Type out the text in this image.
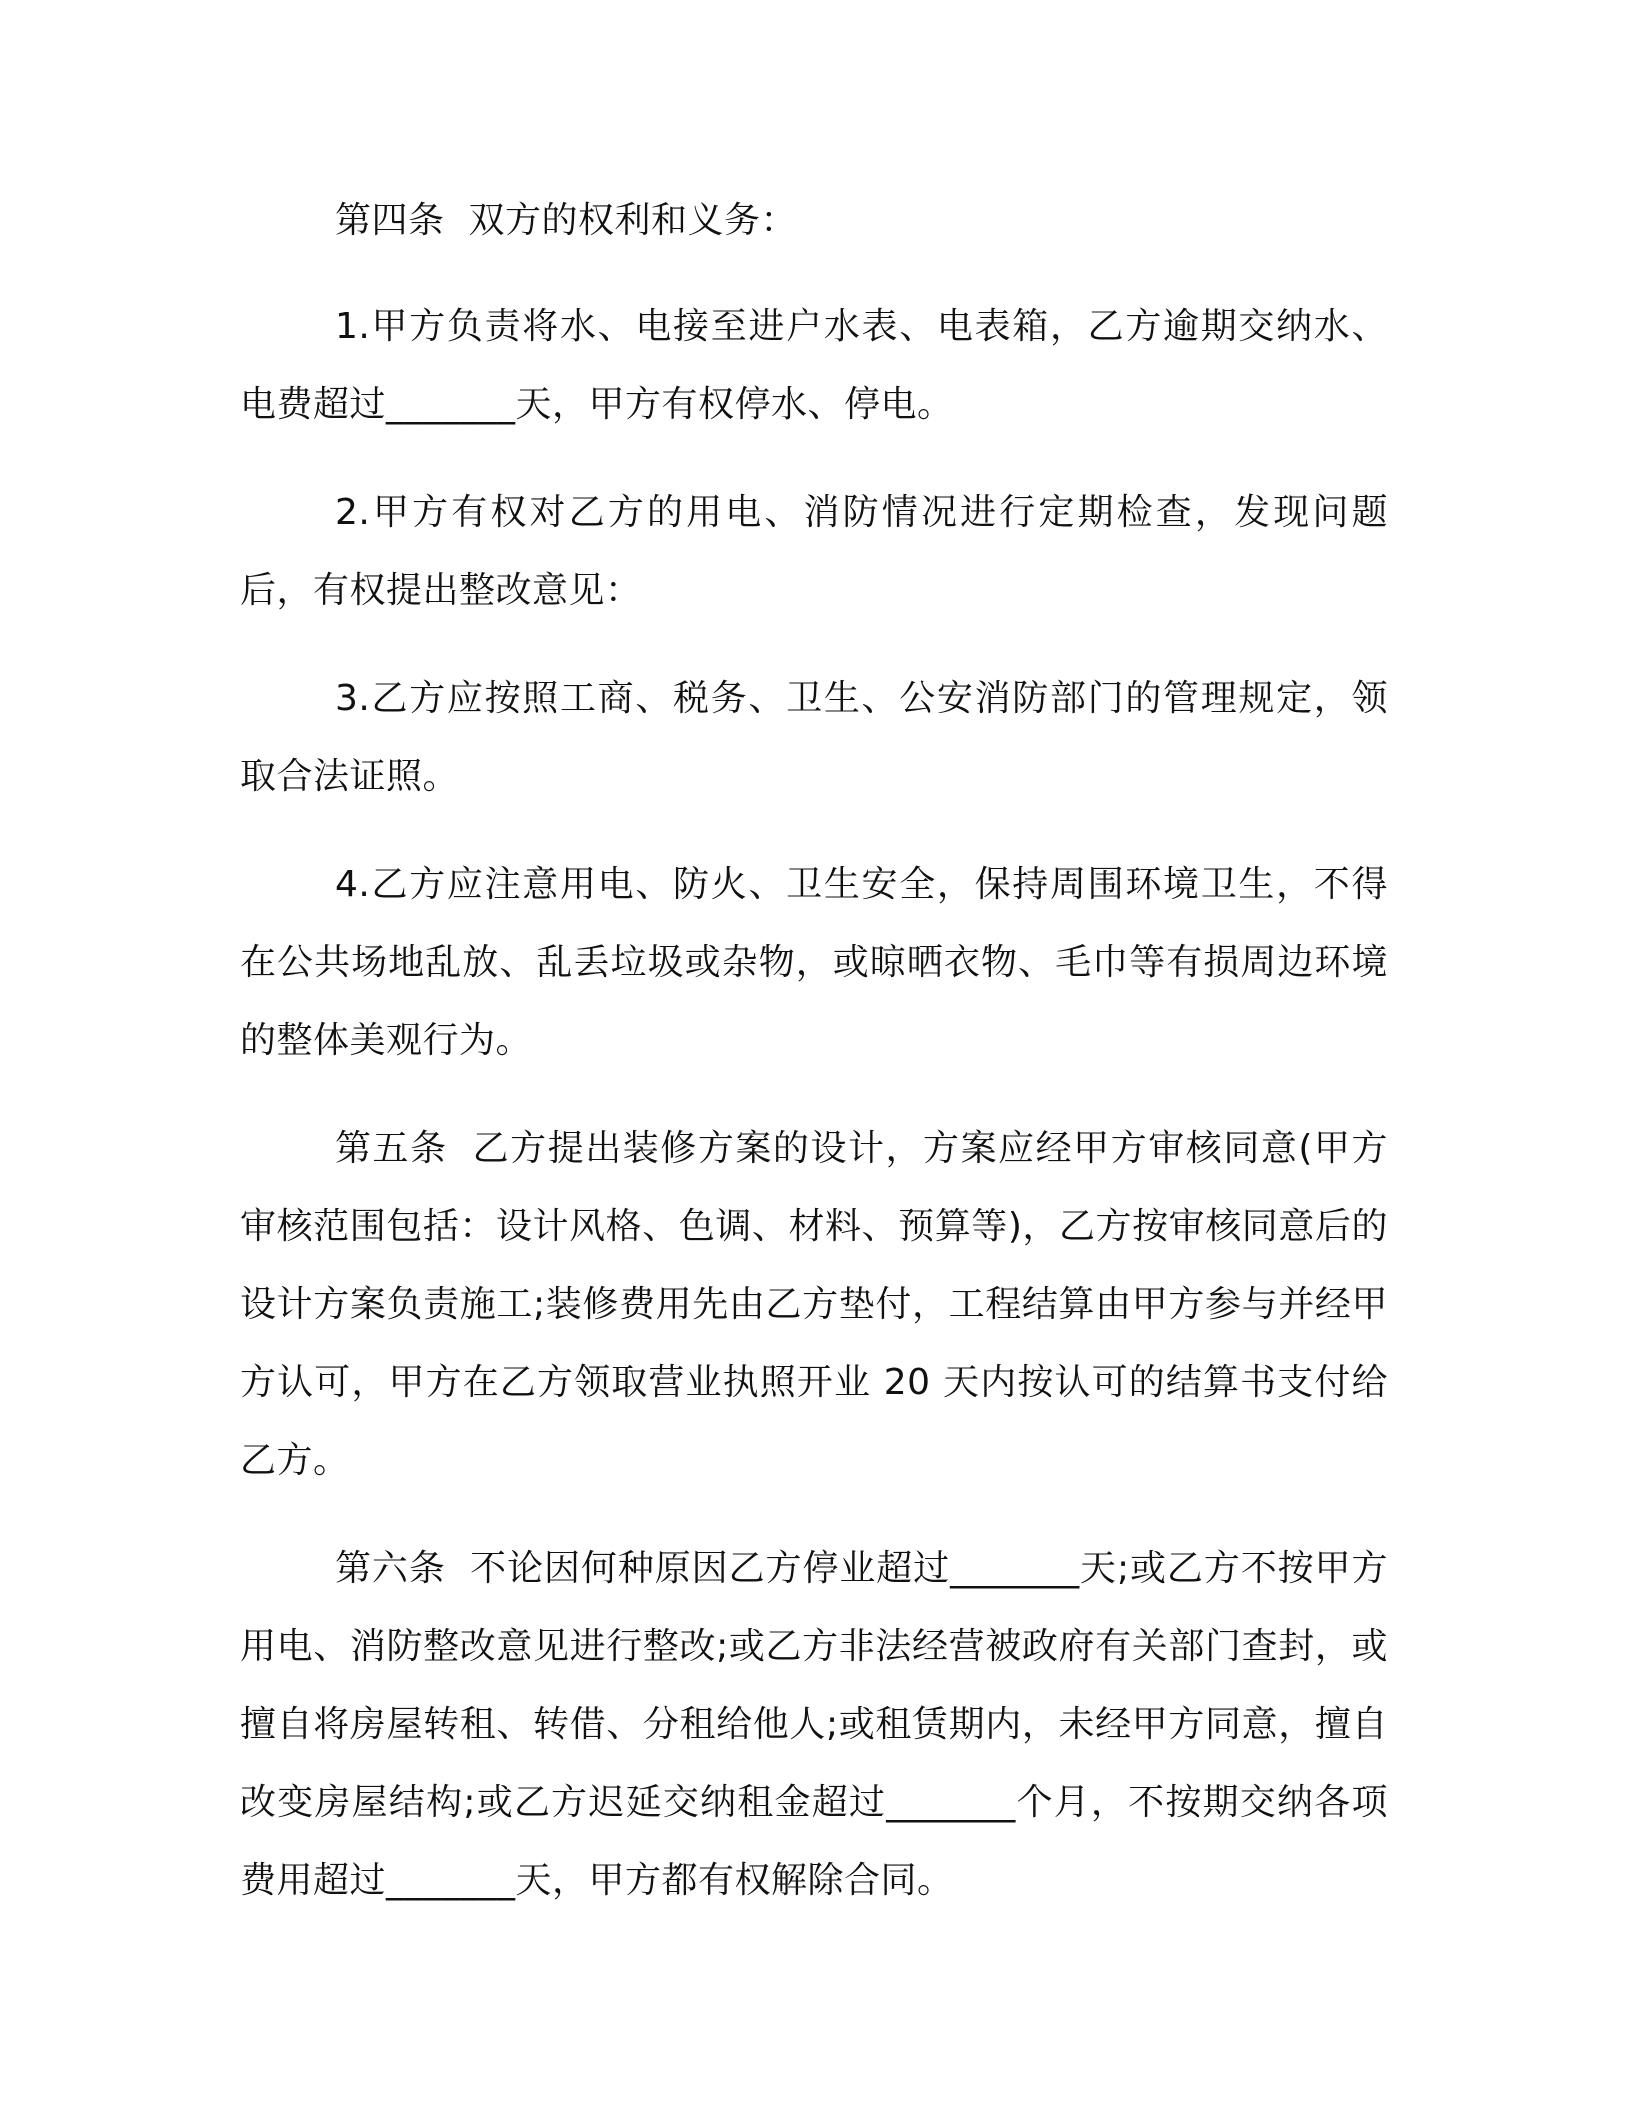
第四条 双方的权利和义务：

1.甲方负责将水、电接至进户水表、电表箱，乙方逾期交纳水、电费超过_______天，甲方有权停水、停电。

2.甲方有权对乙方的用电、消防情况进行定期检查，发现问题后，有权提出整改意见：

3.乙方应按照工商、税务、卫生、公安消防部门的管理规定，领取合法证照。

4.乙方应注意用电、防火、卫生安全，保持周围环境卫生，不得在公共场地乱放、乱丢垃圾或杂物，或晾晒衣物、毛巾等有损周边环境的整体美观行为。

第五条 乙方提出装修方案的设计，方案应经甲方审核同意(甲方审核范围包括：设计风格、色调、材料、预算等)，乙方按审核同意后的设计方案负责施工;装修费用先由乙方垫付，工程结算由甲方参与并经甲方认可，甲方在乙方领取营业执照开业 20 天内按认可的结算书支付给乙方。

第六条 不论因何种原因乙方停业超过_______天;或乙方不按甲方用电、消防整改意见进行整改;或乙方非法经营被政府有关部门查封，或擅自将房屋转租、转借、分租给他人;或租赁期内，未经甲方同意，擅自改变房屋结构;或乙方迟延交纳租金超过_______个月，不按期交纳各项费用超过_______天，甲方都有权解除合同。
